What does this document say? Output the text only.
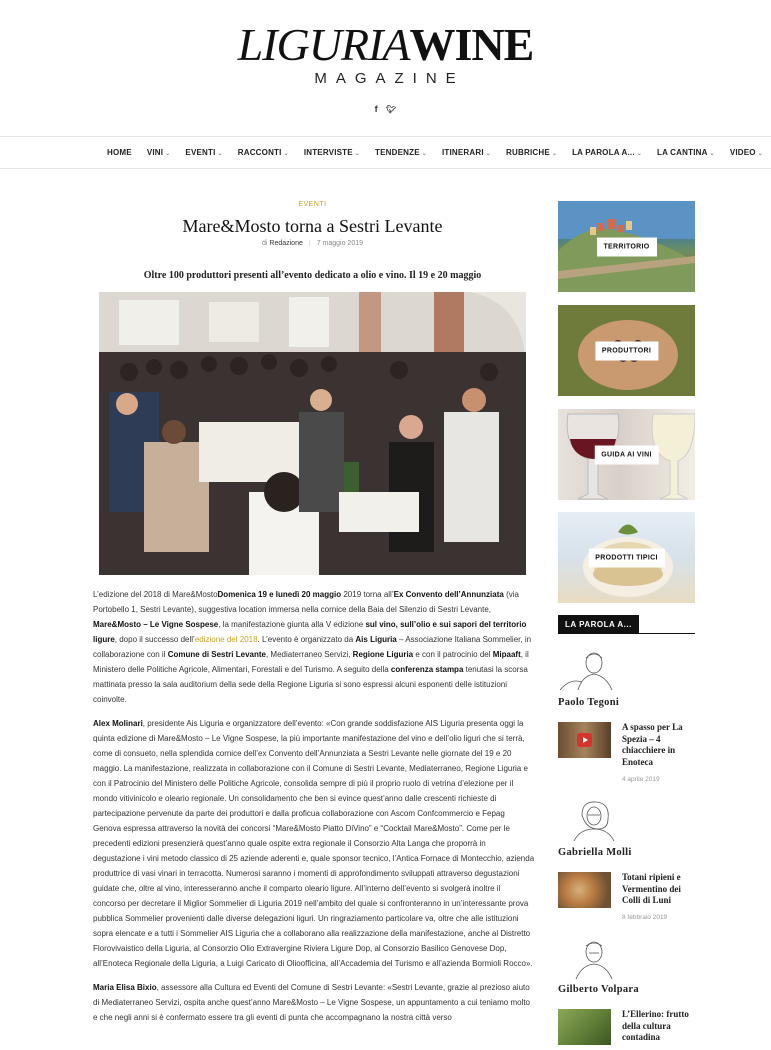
LIGURIAWINE
MAGAZINE
f 🐦︎
HOME VINI ⌄ EVENTI ⌄ RACCONTI ⌄ INTERVISTE ⌄ TENDENZE ⌄ ITINERARI ⌄ RUBRICHE ⌄ LA PAROLA A... ⌄ LA CANTINA ⌄ VIDEO ⌄
EVENTI
Mare&Mosto torna a Sestri Levante
di Redazione | 7 maggio 2019
Oltre 100 produttori presenti all’evento dedicato a olio e vino. Il 19 e 20 maggio

L’edizione del 2018 di Mare&MostoDomenica 19 e lunedì 20 maggio 2019 torna all’Ex Convento dell’Annunziata (via Portobello 1, Sestri Levante), suggestiva location immersa nella cornice della Baia del Silenzio di Sestri Levante, Mare&Mosto – Le Vigne Sospese, la manifestazione giunta alla V edizione sul vino, sull’olio e sui sapori del territorio ligure, dopo il successo dell’edizione del 2018. L’evento è organizzato da Ais Liguria – Associazione Italiana Sommelier, in collaborazione con il Comune di Sestri Levante, Mediaterraneo Servizi, Regione Liguria e con il patrocinio del Mipaaft, il Ministero delle Politiche Agricole, Alimentari, Forestali e del Turismo. A seguito della conferenza stampa tenutasi la scorsa mattinata presso la sala auditorium della sede della Regione Liguria si sono espressi alcuni esponenti delle istituzioni coinvolte.

Alex Molinari, presidente Ais Liguria e organizzatore dell’evento: «Con grande soddisfazione AIS Liguria presenta oggi la quinta edizione di Mare&Mosto – Le Vigne Sospese, la più importante manifestazione del vino e dell’olio liguri che si terrà, come di consueto, nella splendida cornice dell’ex Convento dell’Annunziata a Sestri Levante nelle giornate del 19 e 20 maggio. La manifestazione, realizzata in collaborazione con il Comune di Sestri Levante, Mediaterraneo, Regione Liguria e con il Patrocinio del Ministero delle Politiche Agricole, consolida sempre di più il proprio ruolo di vetrina d’elezione per il mondo vitivinicolo e oleario regionale. Un consolidamento che ben si evince quest’anno dalle crescenti richieste di partecipazione pervenute da parte dei produttori e dalla proficua collaborazione con Ascom Confcommercio e Fepag Genova espressa attraverso la novità dei concorsi “Mare&Mosto Piatto DiVino” e “Cocktail Mare&Mosto”. Come per le precedenti edizioni presenzierà quest’anno quale ospite extra regionale il Consorzio Alta Langa che proporrà in degustazione i vini metodo classico di 25 aziende aderenti e, quale sponsor tecnico, l’Antica Fornace di Montecchio, azienda produttrice di vasi vinari in terracotta. Numerosi saranno i momenti di approfondimento sviluppati attraverso degustazioni guidate che, oltre al vino, interesseranno anche il comparto oleario ligure. All’interno dell’evento si svolgerà inoltre il concorso per decretare il Miglior Sommelier di Liguria 2019 nell’ambito del quale si confronteranno in un’interessante prova pubblica Sommelier provenienti dalle diverse delegazioni liguri. Un ringraziamento particolare va, oltre che alle istituzioni sopra elencate e a tutti i Sommelier AIS Liguria che a collaborano alla realizzazione della manifestazione, anche al Distretto Florovivaistico della Liguria, al Consorzio Olio Extravergine Riviera Ligure Dop, al Consorzio Basilico Genovese Dop, all’Enoteca Regionale della Liguria, a Luigi Caricato di Olioofficina, all’Accademia del Turismo e all’azienda Bormioli Rocco».

Maria Elisa Bixio, assessore alla Cultura ed Eventi del Comune di Sestri Levante: «Sestri Levante, grazie al prezioso aiuto di Mediaterraneo Servizi, ospita anche quest’anno Mare&Mosto – Le Vigne Sospese, un appuntamento a cui teniamo molto e che negli anni si è confermato essere tra gli eventi di punta che accompagnano la nostra città verso

TERRITORIO
PRODUTTORI
GUIDA AI VINI
PRODOTTI TIPICI
LA PAROLA A...
Paolo Tegoni
A spasso per La Spezia – 4 chiacchiere in Enoteca
4 aprile 2019
Gabriella Molli
Totani ripieni e Vermentino dei Colli di Luni
8 febbraio 2019
Gilberto Volpara
L’Ellerino: frutto della cultura contadina
